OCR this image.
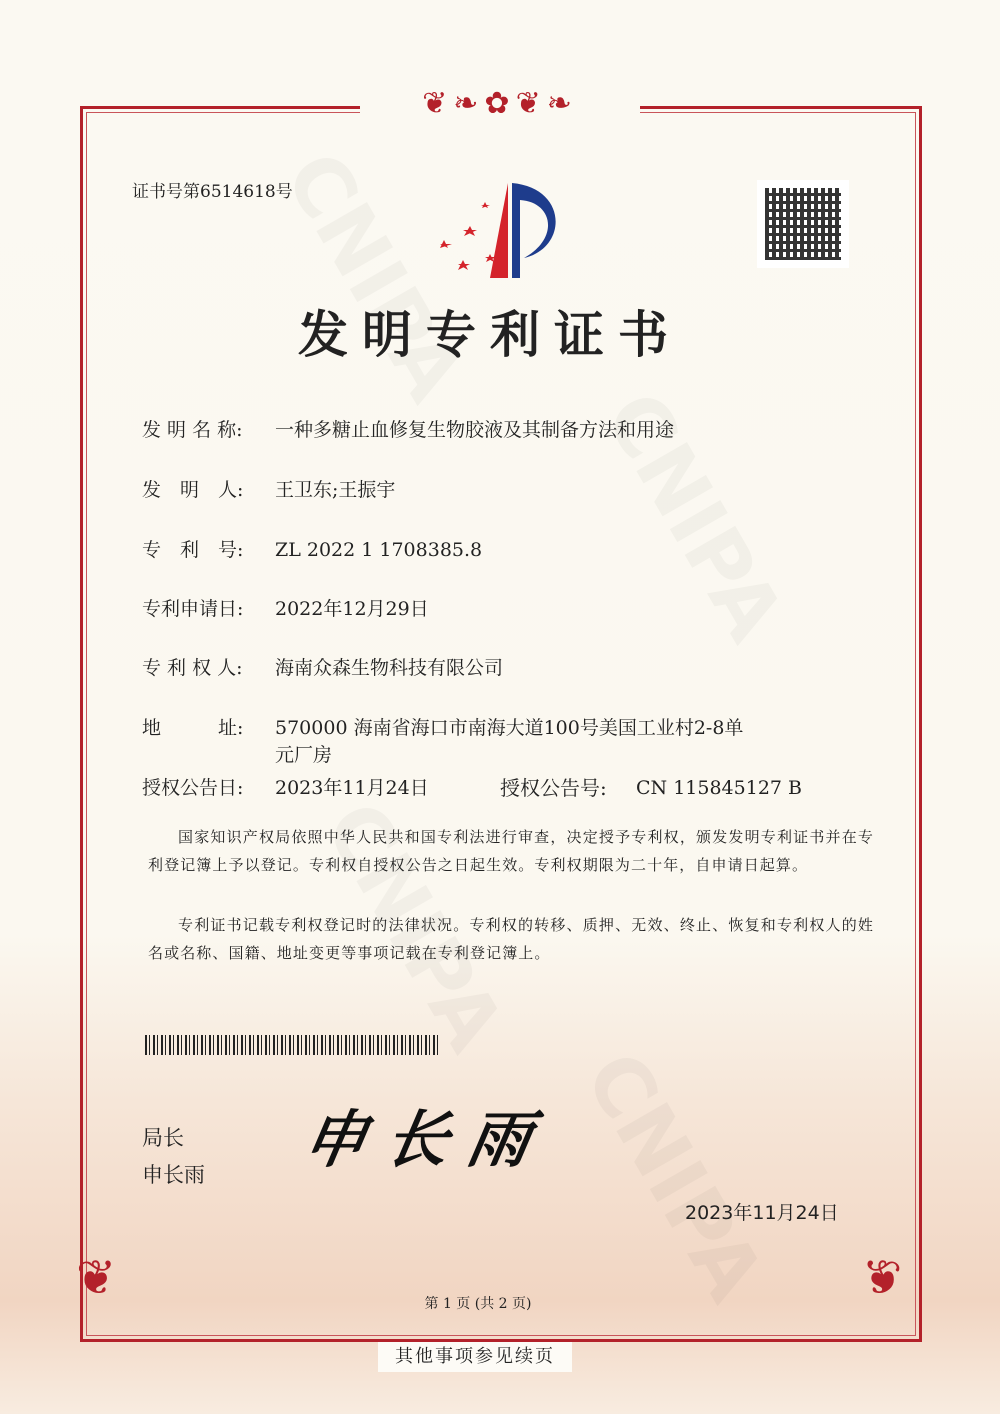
❦❧✿❦❧
❦	❦
证书号第6514618号
发明专利证书
发 明 名 称: 一种多糖止血修复生物胶液及其制备方法和用途
发　明　人: 王卫东;王振宇
专　利　号: ZL 2022 1 1708385.8
专利申请日: 2022年12月29日
专 利 权 人: 海南众森生物科技有限公司
地　　　址: 570000 海南省海口市南海大道100号美国工业村2-8单
元厂房
授权公告日: 2023年11月24日	授权公告号: CN 115845127 B
国家知识产权局依照中华人民共和国专利法进行审查，决定授予专利权，颁发发明专利证书并在专利登记簿上予以登记。专利权自授权公告之日起生效。专利权期限为二十年，自申请日起算。
专利证书记载专利权登记时的法律状况。专利权的转移、质押、无效、终止、恢复和专利权人的姓名或名称、国籍、地址变更等事项记载在专利登记簿上。
局长
申长雨 申长雨
2023年11月24日
第 1 页 (共 2 页)
其他事项参见续页
